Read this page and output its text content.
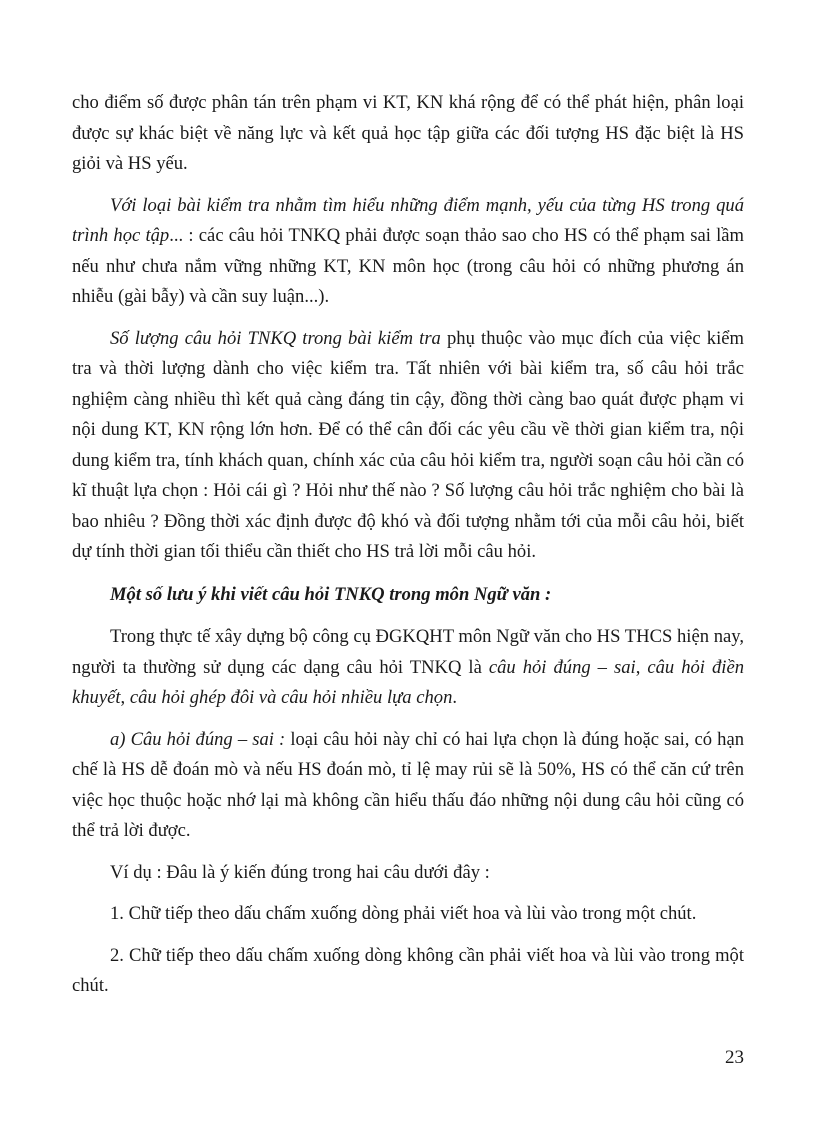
cho điểm số được phân tán trên phạm vi KT, KN khá rộng để có thể phát hiện, phân loại được sự khác biệt về năng lực và kết quả học tập giữa các đối tượng HS đặc biệt là HS giỏi và HS yếu.

Với loại bài kiểm tra nhằm tìm hiểu những điểm mạnh, yếu của từng HS trong quá trình học tập... : các câu hỏi TNKQ phải được soạn thảo sao cho HS có thể phạm sai lầm nếu như chưa nắm vững những KT, KN môn học (trong câu hỏi có những phương án nhiễu (gài bẫy) và cần suy luận...).

Số lượng câu hỏi TNKQ trong bài kiểm tra phụ thuộc vào mục đích của việc kiểm tra và thời lượng dành cho việc kiểm tra. Tất nhiên với bài kiểm tra, số câu hỏi trắc nghiệm càng nhiều thì kết quả càng đáng tin cậy, đồng thời càng bao quát được phạm vi nội dung KT, KN rộng lớn hơn. Để có thể cân đối các yêu cầu về thời gian kiểm tra, nội dung kiểm tra, tính khách quan, chính xác của câu hỏi kiểm tra, người soạn câu hỏi cần có kĩ thuật lựa chọn : Hỏi cái gì ? Hỏi như thế nào ? Số lượng câu hỏi trắc nghiệm cho bài là bao nhiêu ? Đồng thời xác định được độ khó và đối tượng nhằm tới của mỗi câu hỏi, biết dự tính thời gian tối thiểu cần thiết cho HS trả lời mỗi câu hỏi.

Một số lưu ý khi viết câu hỏi TNKQ trong môn Ngữ văn :

Trong thực tế xây dựng bộ công cụ ĐGKQHT môn Ngữ văn cho HS THCS hiện nay, người ta thường sử dụng các dạng câu hỏi TNKQ là câu hỏi đúng – sai, câu hỏi điền khuyết, câu hỏi ghép đôi và câu hỏi nhiều lựa chọn.

a) Câu hỏi đúng – sai : loại câu hỏi này chỉ có hai lựa chọn là đúng hoặc sai, có hạn chế là HS dễ đoán mò và nếu HS đoán mò, tỉ lệ may rủi sẽ là 50%, HS có thể căn cứ trên việc học thuộc hoặc nhớ lại mà không cần hiểu thấu đáo những nội dung câu hỏi cũng có thể trả lời được.

Ví dụ : Đâu là ý kiến đúng trong hai câu dưới đây :

1. Chữ tiếp theo dấu chấm xuống dòng phải viết hoa và lùi vào trong một chút.

2. Chữ tiếp theo dấu chấm xuống dòng không cần phải viết hoa và lùi vào trong một chút.

23
